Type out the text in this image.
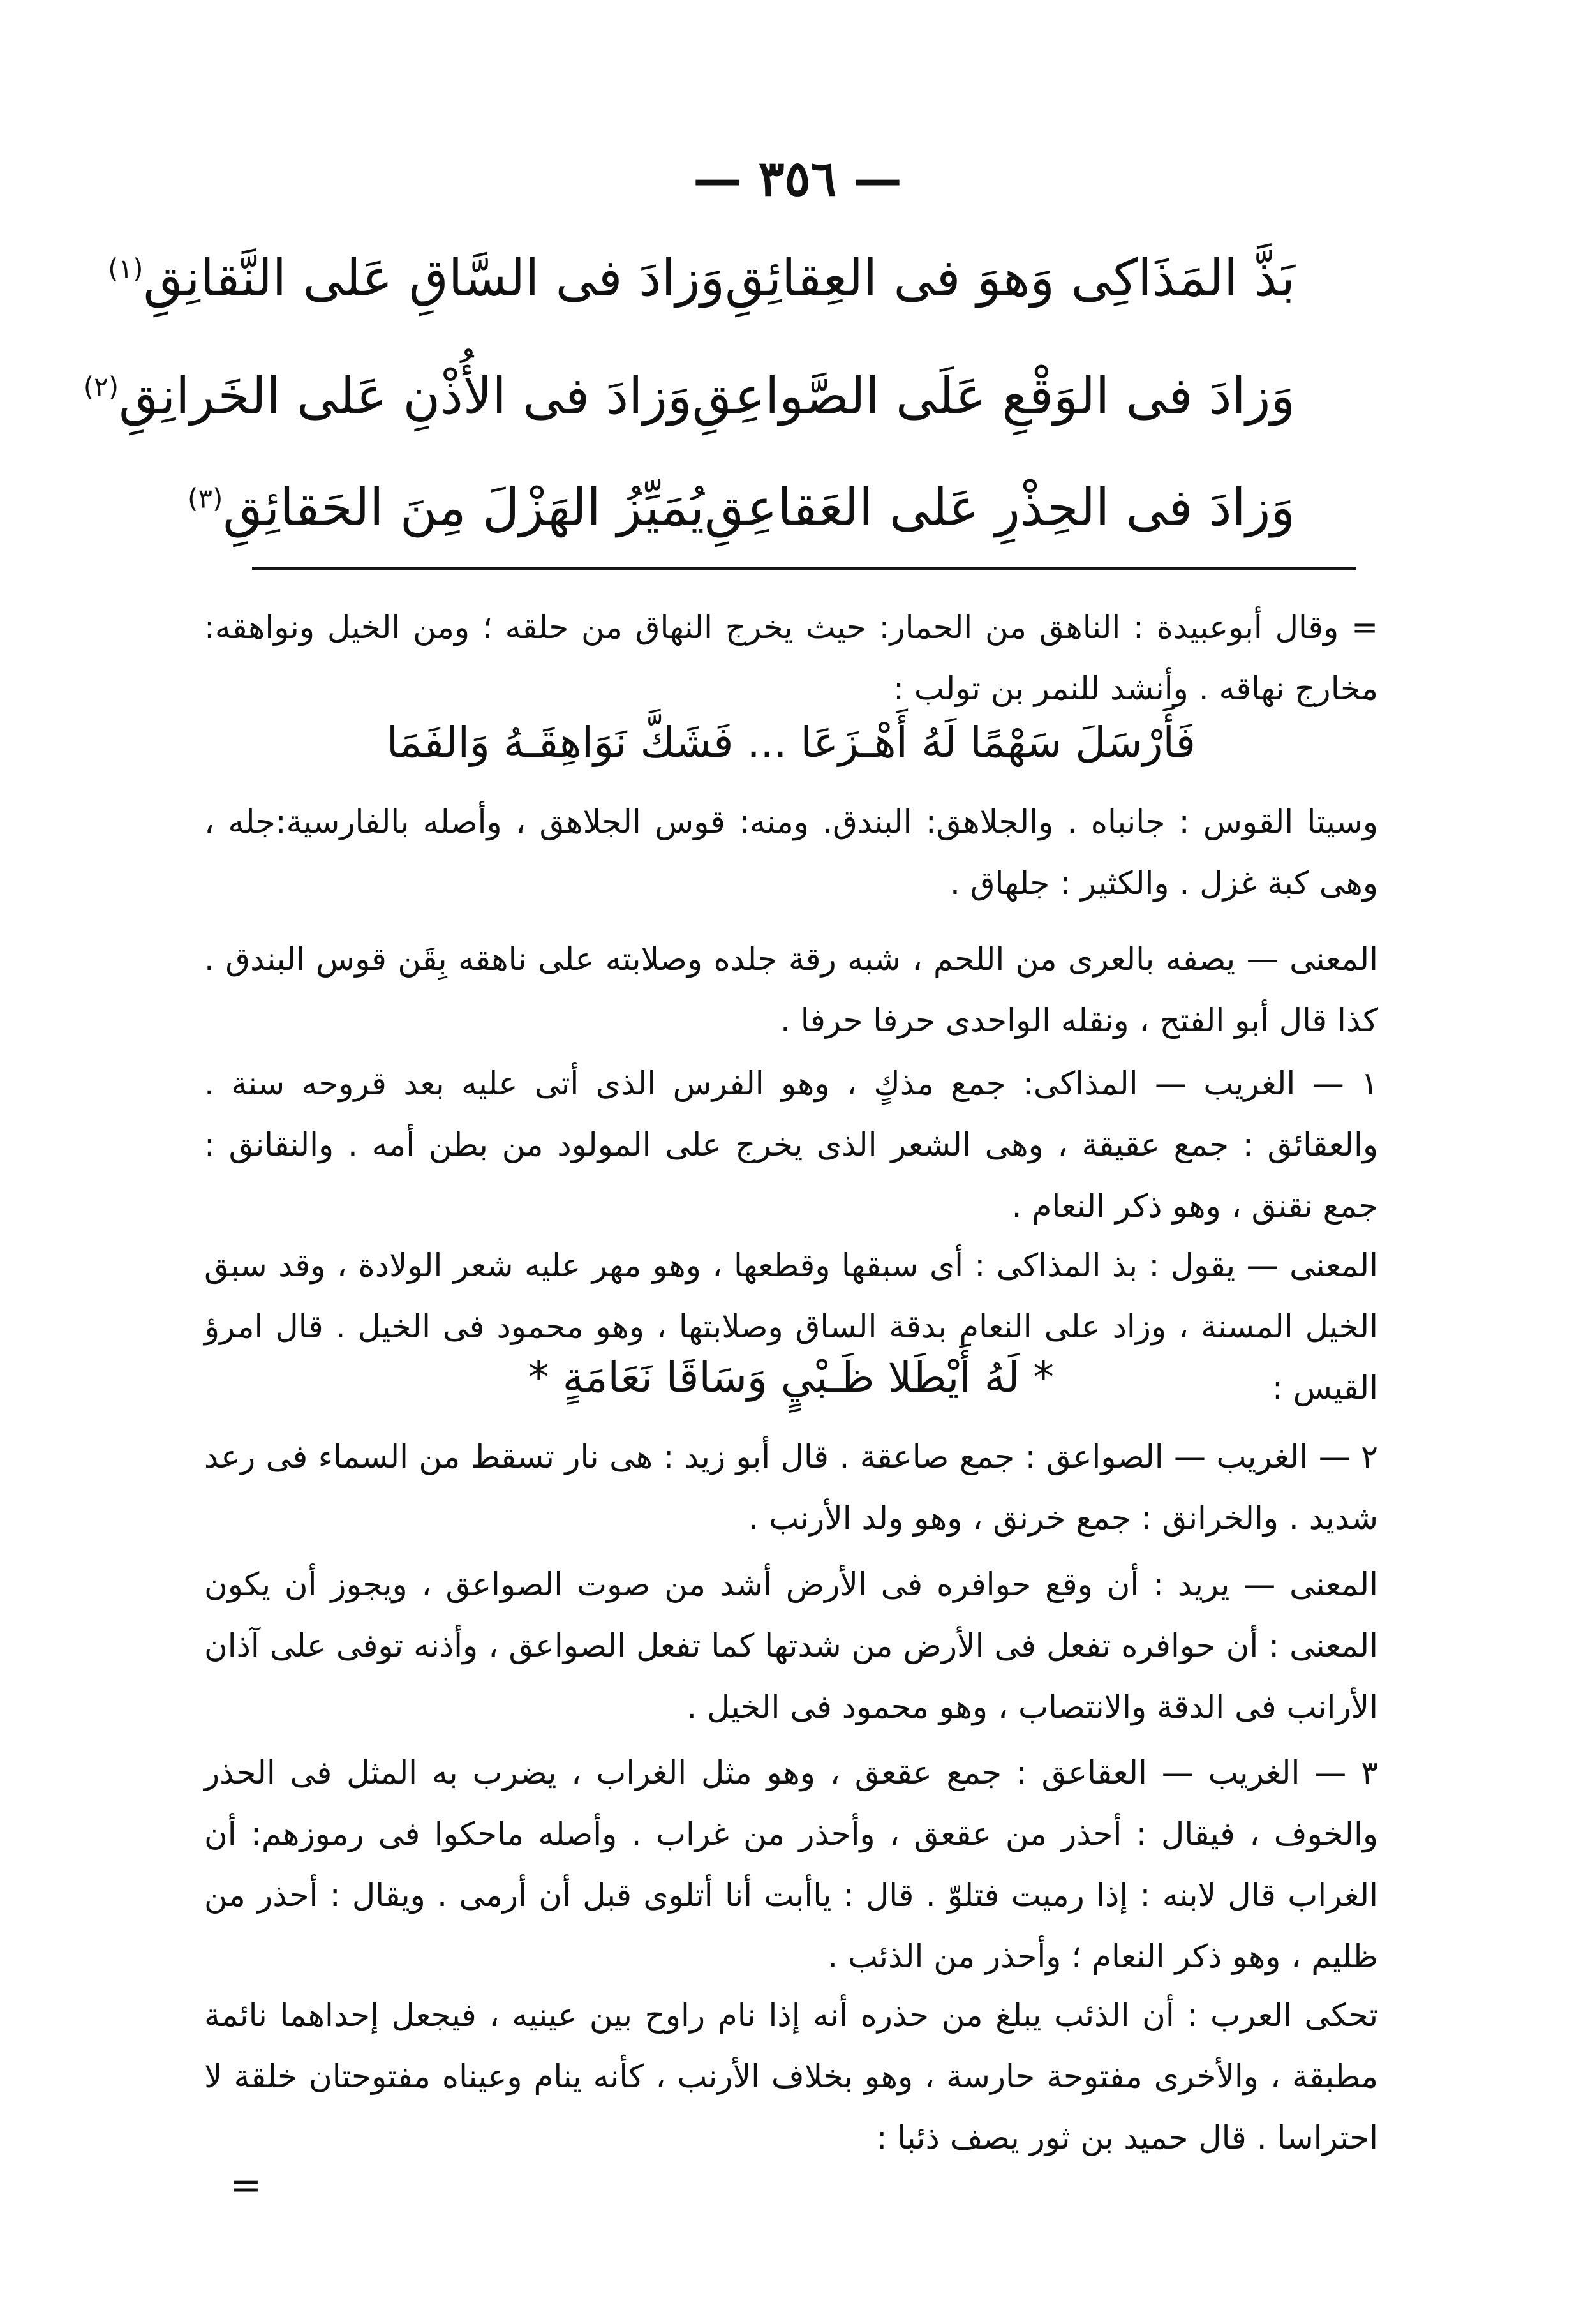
— ٣٥٦ —
بَذَّ المَذَاكِى وَهوَ فى العِقائِقِ
وَزادَ فى السَّاقِ عَلى النَّقانِقِ$^{(١)}$
وَزادَ فى الوَقْعِ عَلَى الصَّواعِقِ
وَزادَ فى الأُذْنِ عَلى الخَرانِقِ$^{(٢)}$
وَزادَ فى الحِذْرِ عَلى العَقاعِقِ
يُمَيِّزُ الهَزْلَ مِنَ الحَقائِقِ$^{(٣)}$
= وقال أبوعبيدة : الناهق من الحمار: حيث يخرج النهاق من حلقه ؛ ومن الخيل ونواهقه: مخارج نهاقه . وأنشد للنمر بن تولب :
فَأَرْسَلَ سَهْمًا لَهُ أَهْـزَعَا ... فَشَكَّ نَوَاهِقَـهُ وَالفَمَا
وسيتا القوس : جانباه . والجلاهق: البندق. ومنه: قوس الجلاهق ، وأصله بالفارسية:جله ، وهى كبة غزل . والكثير : جلهاق .
المعنى — يصفه بالعرى من اللحم ، شبه رقة جلده وصلابته على ناهقه بِقَن قوس البندق . كذا قال أبو الفتح ، ونقله الواحدى حرفا حرفا .
١ — الغريب — المذاكى: جمع مذكٍ ، وهو الفرس الذى أتى عليه بعد قروحه سنة . والعقائق : جمع عقيقة ، وهى الشعر الذى يخرج على المولود من بطن أمه . والنقانق : جمع نقنق ، وهو ذكر النعام .
المعنى — يقول : بذ المذاكى : أى سبقها وقطعها ، وهو مهر عليه شعر الولادة ، وقد سبق الخيل المسنة ، وزاد على النعام بدقة الساق وصلابتها ، وهو محمود فى الخيل . قال امرؤ القيس :
* لَهُ أَيْطَلا ظَـبْيٍ وَسَاقَا نَعَامَةٍ *
٢ — الغريب — الصواعق : جمع صاعقة . قال أبو زيد : هى نار تسقط من السماء فى رعد شديد . والخرانق : جمع خرنق ، وهو ولد الأرنب .
المعنى — يريد : أن وقع حوافره فى الأرض أشد من صوت الصواعق ، ويجوز أن يكون المعنى : أن حوافره تفعل فى الأرض من شدتها كما تفعل الصواعق ، وأذنه توفى على آذان الأرانب فى الدقة والانتصاب ، وهو محمود فى الخيل .
٣ — الغريب — العقاعق : جمع عقعق ، وهو مثل الغراب ، يضرب به المثل فى الحذر والخوف ، فيقال : أحذر من عقعق ، وأحذر من غراب . وأصله ماحكوا فى رموزهم: أن الغراب قال لابنه : إذا رميت فتلوّ . قال : ياأبت أنا أتلوى قبل أن أرمى . ويقال : أحذر من ظليم ، وهو ذكر النعام ؛ وأحذر من الذئب .
تحكى العرب : أن الذئب يبلغ من حذره أنه إذا نام راوح بين عينيه ، فيجعل إحداهما نائمة مطبقة ، والأخرى مفتوحة حارسة ، وهو بخلاف الأرنب ، كأنه ينام وعيناه مفتوحتان خلقة لا احتراسا . قال حميد بن ثور يصف ذئبا :
=
